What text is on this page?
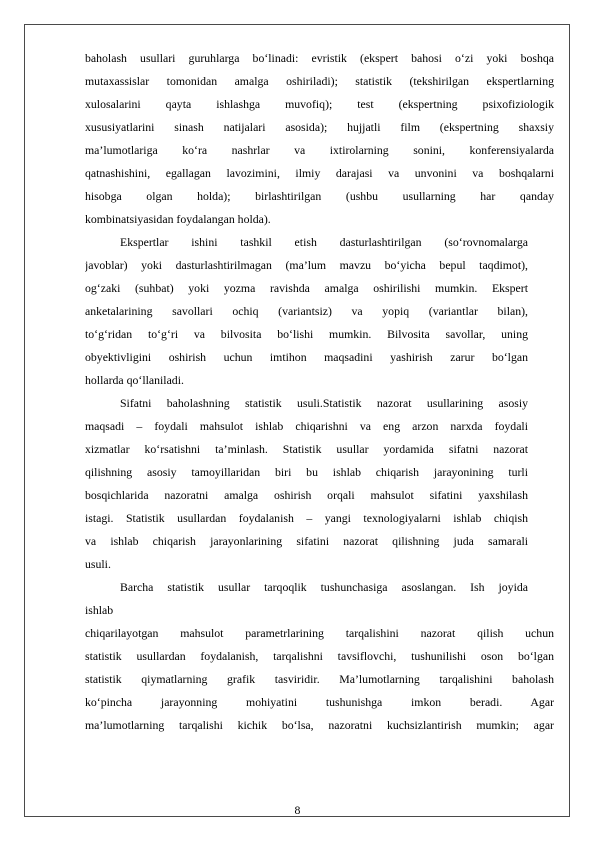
baholash usullari guruhlarga bo‘linadi: evristik (ekspert bahosi o‘zi yoki boshqa
mutaxassislar tomonidan amalga oshiriladi); statistik (tekshirilgan ekspertlarning
xulosalarini qayta ishlashga muvofiq); test (ekspertning psixofiziologik
xususiyatlarini sinash natijalari asosida); hujjatli film (ekspertning shaxsiy
ma’lumotlariga ko‘ra nashrlar va ixtirolarning sonini, konferensiyalarda
qatnashishini, egallagan lavozimini, ilmiy darajasi va unvonini va boshqalarni
hisobga olgan holda); birlashtirilgan (ushbu usullarning har qanday
kombinatsiyasidan foydalangan holda).
Ekspertlar ishini tashkil etish dasturlashtirilgan (so‘rovnomalarga
javoblar) yoki dasturlashtirilmagan (ma’lum mavzu bo‘yicha bepul taqdimot),
og‘zaki (suhbat) yoki yozma ravishda amalga oshirilishi mumkin. Ekspert
anketalarining savollari ochiq (variantsiz) va yopiq (variantlar bilan),
to‘g‘ridan to‘g‘ri va bilvosita bo‘lishi mumkin. Bilvosita savollar, uning
obyektivligini oshirish uchun imtihon maqsadini yashirish zarur bo‘lgan
hollarda qo‘llaniladi.
Sifatni baholashning statistik usuli.Statistik nazorat usullarining asosiy
maqsadi – foydali mahsulot ishlab chiqarishni va eng arzon narxda foydali
xizmatlar ko‘rsatishni ta’minlash. Statistik usullar yordamida sifatni nazorat
qilishning asosiy tamoyillaridan biri bu ishlab chiqarish jarayonining turli
bosqichlarida nazoratni amalga oshirish orqali mahsulot sifatini yaxshilash
istagi. Statistik usullardan foydalanish – yangi texnologiyalarni ishlab chiqish
va ishlab chiqarish jarayonlarining sifatini nazorat qilishning juda samarali
usuli.
Barcha statistik usullar tarqoqlik tushunchasiga asoslangan. Ish joyida
ishlab
chiqarilayotgan mahsulot parametrlarining tarqalishini nazorat qilish uchun
statistik usullardan foydalanish, tarqalishni tavsiflovchi, tushunilishi oson bo‘lgan
statistik qiymatlarning grafik tasviridir. Ma’lumotlarning tarqalishini baholash
ko‘pincha jarayonning mohiyatini tushunishga imkon beradi. Agar
ma’lumotlarning tarqalishi kichik bo‘lsa, nazoratni kuchsizlantirish mumkin; agar
8
